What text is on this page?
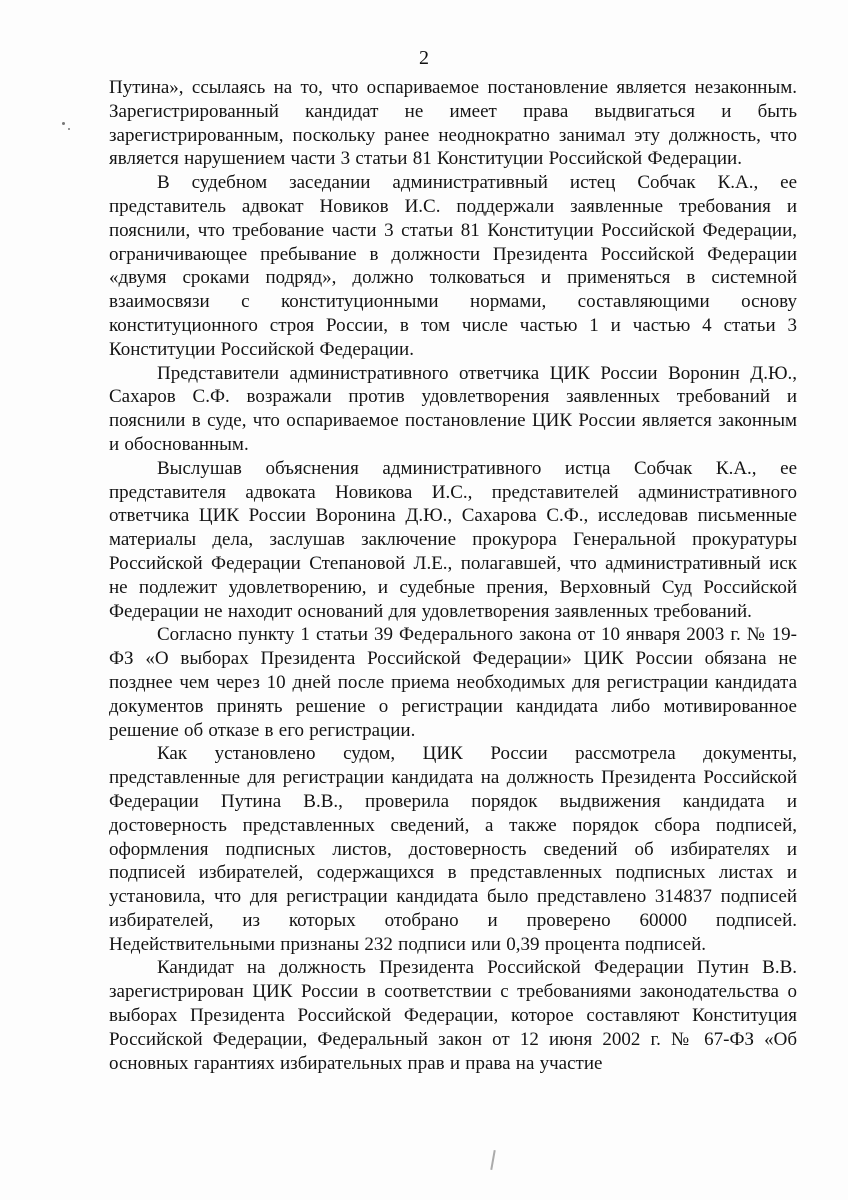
2

Путина», ссылаясь на то, что оспариваемое постановление является незаконным. Зарегистрированный кандидат не имеет права выдвигаться и быть зарегистрированным, поскольку ранее неоднократно занимал эту должность, что является нарушением части 3 статьи 81 Конституции Российской Федерации.

В судебном заседании административный истец Собчак К.А., ее представитель адвокат Новиков И.С. поддержали заявленные требования и пояснили, что требование части 3 статьи 81 Конституции Российской Федерации, ограничивающее пребывание в должности Президента Российской Федерации «двумя сроками подряд», должно толковаться и применяться в системной взаимосвязи с конституционными нормами, составляющими основу конституционного строя России, в том числе частью 1 и частью 4 статьи 3 Конституции Российской Федерации.

Представители административного ответчика ЦИК России Воронин Д.Ю., Сахаров С.Ф. возражали против удовлетворения заявленных требований и пояснили в суде, что оспариваемое постановление ЦИК России является законным и обоснованным.

Выслушав объяснения административного истца Собчак К.А., ее представителя адвоката Новикова И.С., представителей административного ответчика ЦИК России Воронина Д.Ю., Сахарова С.Ф., исследовав письменные материалы дела, заслушав заключение прокурора Генеральной прокуратуры Российской Федерации Степановой Л.Е., полагавшей, что административный иск не подлежит удовлетворению, и судебные прения, Верховный Суд Российской Федерации не находит оснований для удовлетворения заявленных требований.

Согласно пункту 1 статьи 39 Федерального закона от 10 января 2003 г. № 19-ФЗ «О выборах Президента Российской Федерации» ЦИК России обязана не позднее чем через 10 дней после приема необходимых для регистрации кандидата документов принять решение о регистрации кандидата либо мотивированное решение об отказе в его регистрации.

Как установлено судом, ЦИК России рассмотрела документы, представленные для регистрации кандидата на должность Президента Российской Федерации Путина В.В., проверила порядок выдвижения кандидата и достоверность представленных сведений, а также порядок сбора подписей, оформления подписных листов, достоверность сведений об избирателях и подписей избирателей, содержащихся в представленных подписных листах и установила, что для регистрации кандидата было представлено 314837 подписей избирателей, из которых отобрано и проверено 60000 подписей. Недействительными признаны 232 подписи или 0,39 процента подписей.

Кандидат на должность Президента Российской Федерации Путин В.В. зарегистрирован ЦИК России в соответствии с требованиями законодательства о выборах Президента Российской Федерации, которое составляют Конституция Российской Федерации, Федеральный закон от 12 июня 2002 г. № 67-ФЗ «Об основных гарантиях избирательных прав и права на участие
